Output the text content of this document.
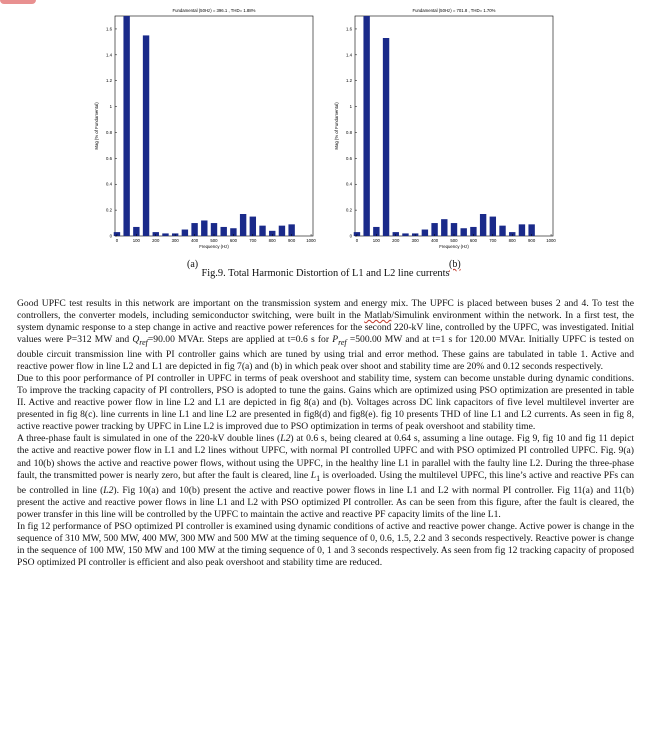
Fundamental (50Hz) = 396.1 , THD= 1.88%
0	100	200	300	400	500	600	700	800	900	1000
0
0.2
0.4
0.6
0.8
1
1.2
1.4
1.6
Frequency (Hz)
Mag (% of Fundamental)
Fundamental (50Hz) = 701.8 , THD= 1.70%
0	100	200	300	400	500	600	700	800	900	1000
0
0.2
0.4
0.6
0.8
1
1.2
1.4
1.6
Frequency (Hz)
Mag (% of Fundamental)
(a)	(b)
Fig.9. Total Harmonic Distortion of L1 and L2 line currents

Good UPFC test results in this network are important on the transmission system and energy mix. The UPFC is placed between buses 2 and 4. To test the controllers, the converter models, including semiconductor switching, were built in the Matlab/Simulink environment within the network. In a first test, the system dynamic response to a step change in active and reactive power references for the second 220-kV line, controlled by the UPFC, was investigated. Initial values were P=312 MW and $Q_{ref}=90.00$ MVAr. Steps are applied at t=0.6 s for $P_{ref} =500.00$ MW and at t=1 s for 120.00 MVAr. Initially UPFC is tested on double circuit transmission line with PI controller gains which are tuned by using trial and error method. These gains are tabulated in table 1. Active and reactive power flow in line L2 and L1 are depicted in fig 7(a) and (b) in which peak over shoot and stability time are 20% and 0.12 seconds respectively.

Due to this poor performance of PI controller in UPFC in terms of peak overshoot and stability time, system can become unstable during dynamic conditions. To improve the tracking capacity of PI controllers, PSO is adopted to tune the gains. Gains which are optimized using PSO optimization are presented in table II. Active and reactive power flow in line L2 and L1 are depicted in fig 8(a) and (b). Voltages across DC link capacitors of five level multilevel inverter are presented in fig 8(c). line currents in line L1 and line L2 are presented in fig8(d) and fig8(e). fig 10 presents THD of line L1 and L2 currents. As seen in fig 8, active reactive power tracking by UPFC in Line L2 is improved due to PSO optimization in terms of peak overshoot and stability time.

A three-phase fault is simulated in one of the 220-kV double lines (L2) at 0.6 s, being cleared at 0.64 s, assuming a line outage. Fig 9, fig 10 and fig 11 depict the active and reactive power flow in L1 and L2 lines without UPFC, with normal PI controlled UPFC and with PSO optimized PI controlled UPFC. Fig. 9(a) and 10(b) shows the active and reactive power flows, without using the UPFC, in the healthy line L1 in parallel with the faulty line L2. During the three-phase fault, the transmitted power is nearly zero, but after the fault is cleared, line $L_1$ is overloaded. Using the multilevel UPFC, this line’s active and reactive PFs can be controlled in line (L2). Fig 10(a) and 10(b) present the active and reactive power flows in line L1 and L2 with normal PI controller. Fig 11(a) and 11(b) present the active and reactive power flows in line L1 and L2 with PSO optimized PI controller. As can be seen from this figure, after the fault is cleared, the power transfer in this line will be controlled by the UPFC to maintain the active and reactive PF capacity limits of the line L1.

In fig 12 performance of PSO optimized PI controller is examined using dynamic conditions of active and reactive power change. Active power is change in the sequence of 310 MW, 500 MW, 400 MW, 300 MW and 500 MW at the timing sequence of 0, 0.6, 1.5, 2.2 and 3 seconds respectively. Reactive power is change in the sequence of 100 MW, 150 MW and 100 MW at the timing sequence of 0, 1 and 3 seconds respectively. As seen from fig 12 tracking capacity of proposed PSO optimized PI controller is efficient and also peak overshoot and stability time are reduced.
